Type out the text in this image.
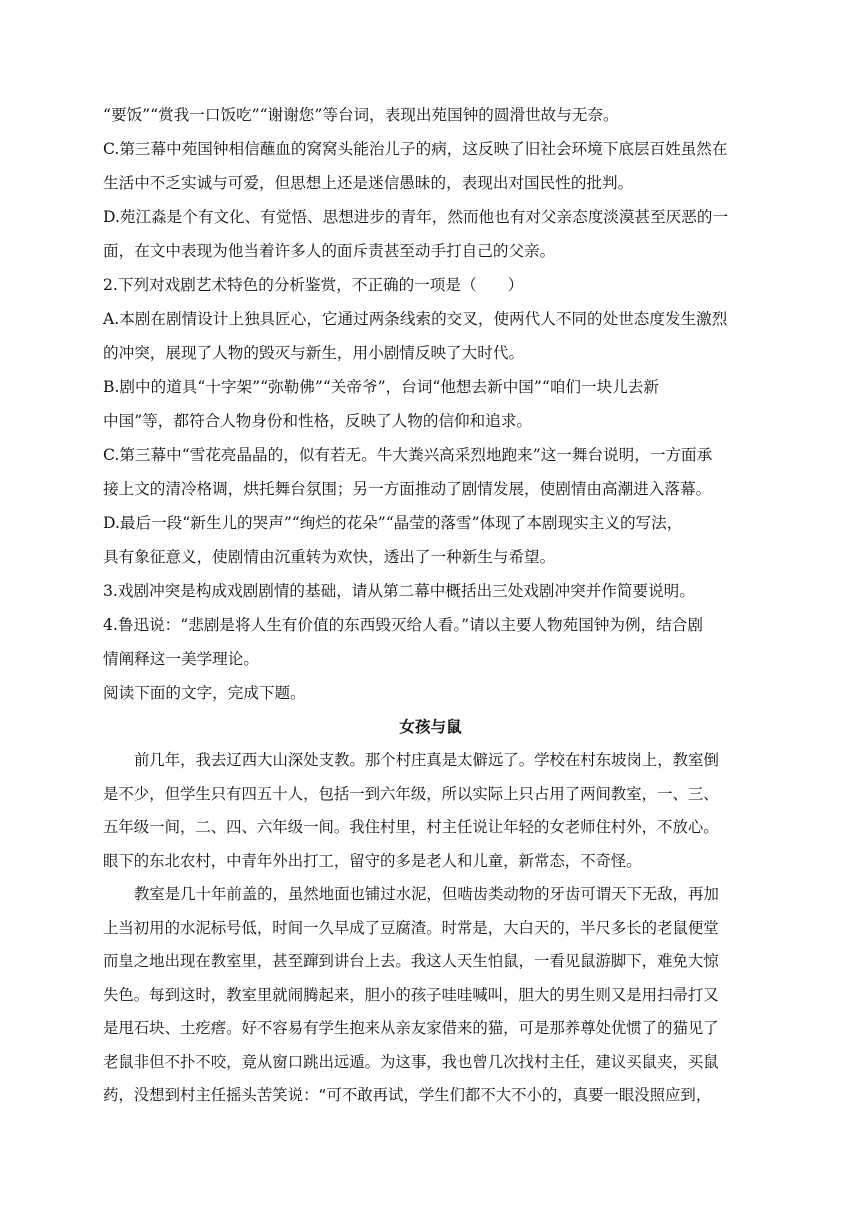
“要饭”“赏我一口饭吃”“谢谢您”等台词，表现出苑国钟的圆滑世故与无奈。

C.第三幕中苑国钟相信蘸血的窝窝头能治儿子的病，这反映了旧社会环境下底层百姓虽然在

生活中不乏实诚与可爱，但思想上还是迷信愚昧的，表现出对国民性的批判。

D.苑江淼是个有文化、有觉悟、思想进步的青年，然而他也有对父亲态度淡漠甚至厌恶的一

面，在文中表现为他当着许多人的面斥责甚至动手打自己的父亲。

2.下列对戏剧艺术特色的分析鉴赏，不正确的一项是（　　）

A.本剧在剧情设计上独具匠心，它通过两条线索的交叉，使两代人不同的处世态度发生激烈

的冲突，展现了人物的毁灭与新生，用小剧情反映了大时代。

B.剧中的道具“十字架”“弥勒佛”“关帝爷”，台词“他想去新中国”“咱们一块儿去新

中国”等，都符合人物身份和性格，反映了人物的信仰和追求。

C.第三幕中“雪花亮晶晶的，似有若无。牛大粪兴高采烈地跑来”这一舞台说明，一方面承

接上文的清冷格调，烘托舞台氛围；另一方面推动了剧情发展，使剧情由高潮进入落幕。

D.最后一段“新生儿的哭声”“绚烂的花朵”“晶莹的落雪”体现了本剧现实主义的写法，

具有象征意义，使剧情由沉重转为欢快，透出了一种新生与希望。

3.戏剧冲突是构成戏剧剧情的基础，请从第二幕中概括出三处戏剧冲突并作简要说明。

4.鲁迅说：“悲剧是将人生有价值的东西毁灭给人看。”请以主要人物苑国钟为例，结合剧

情阐释这一美学理论。

阅读下面的文字，完成下题。

女孩与鼠

前几年，我去辽西大山深处支教。那个村庄真是太僻远了。学校在村东坡岗上，教室倒

是不少，但学生只有四五十人，包括一到六年级，所以实际上只占用了两间教室，一、三、

五年级一间，二、四、六年级一间。我住村里，村主任说让年轻的女老师住村外，不放心。

眼下的东北农村，中青年外出打工，留守的多是老人和儿童，新常态，不奇怪。

教室是几十年前盖的，虽然地面也铺过水泥，但啮齿类动物的牙齿可谓天下无敌，再加

上当初用的水泥标号低，时间一久早成了豆腐渣。时常是，大白天的，半尺多长的老鼠便堂

而皇之地出现在教室里，甚至蹿到讲台上去。我这人天生怕鼠，一看见鼠游脚下，难免大惊

失色。每到这时，教室里就闹腾起来，胆小的孩子哇哇喊叫，胆大的男生则又是用扫帚打又

是甩石块、土疙瘩。好不容易有学生抱来从亲友家借来的猫，可是那养尊处优惯了的猫见了

老鼠非但不扑不咬，竟从窗口跳出远遁。为这事，我也曾几次找村主任，建议买鼠夹，买鼠

药，没想到村主任摇头苦笑说：“可不敢再试，学生们都不大不小的，真要一眼没照应到，
